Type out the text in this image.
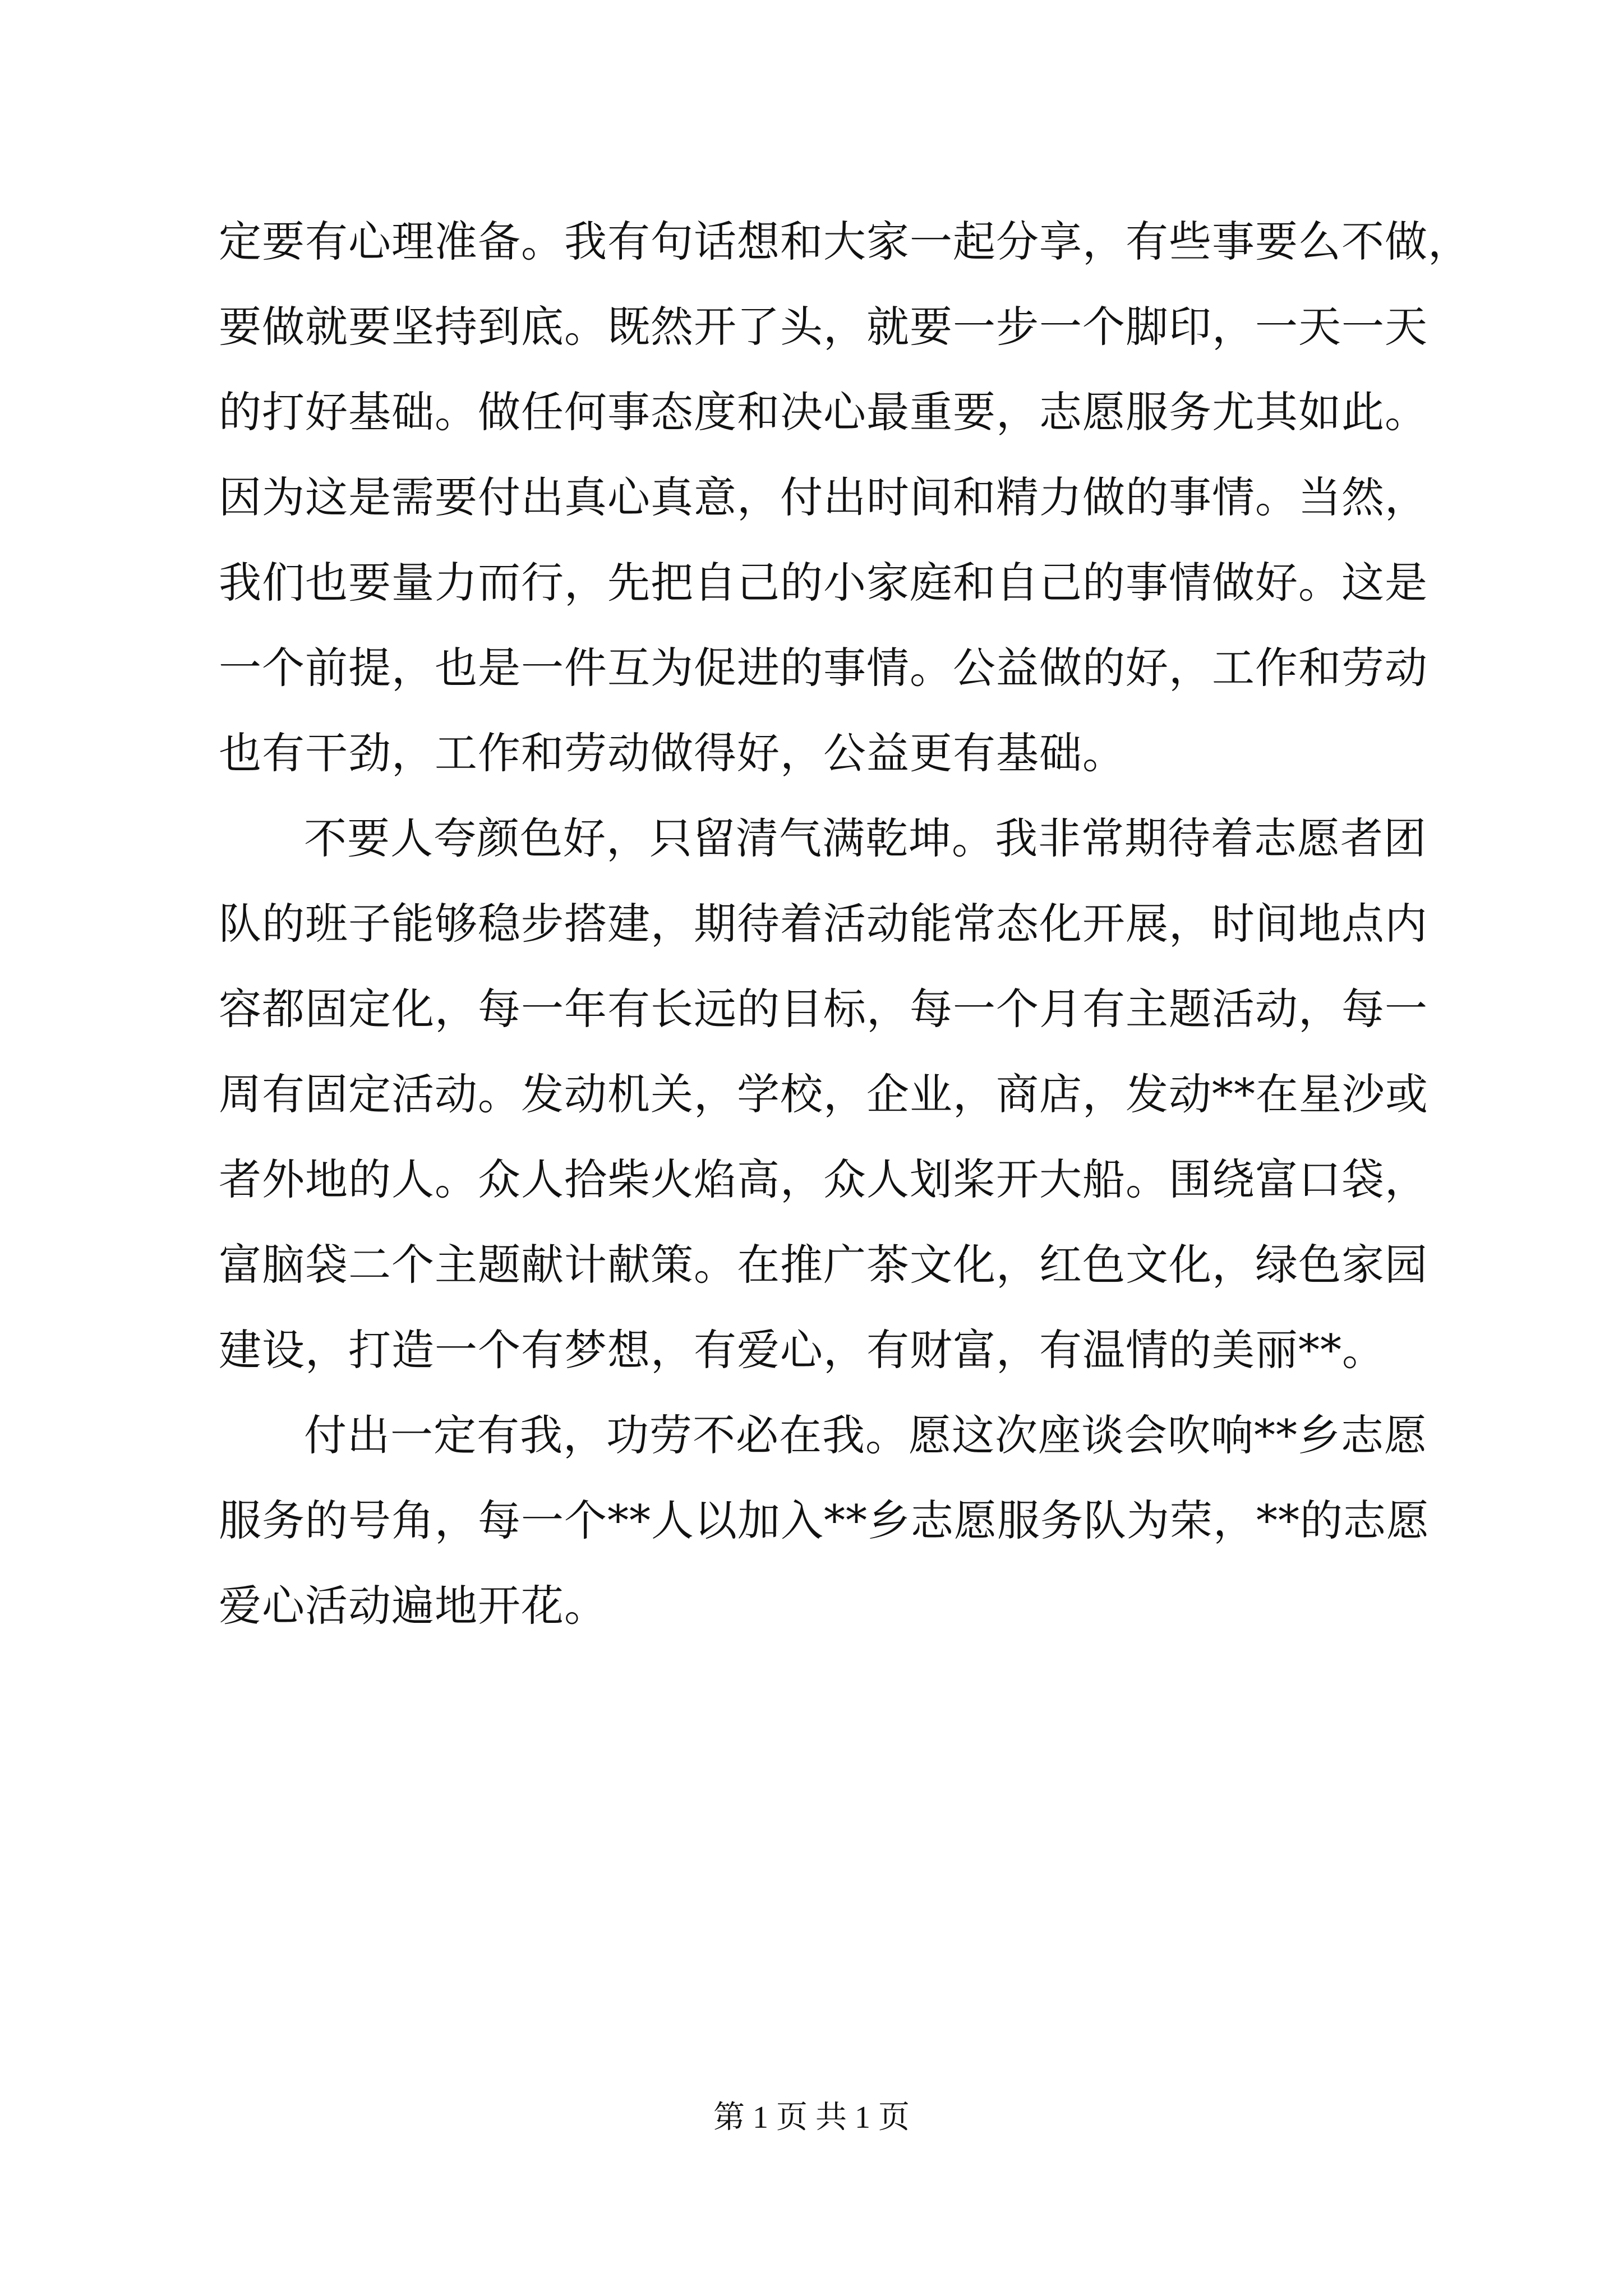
定要有心理准备。我有句话想和大家一起分享，有些事要么不做，
要做就要坚持到底。既然开了头，就要一步一个脚印，一天一天
的打好基础。做任何事态度和决心最重要，志愿服务尤其如此。
因为这是需要付出真心真意，付出时间和精力做的事情。当然，
我们也要量力而行，先把自己的小家庭和自己的事情做好。这是
一个前提，也是一件互为促进的事情。公益做的好，工作和劳动
也有干劲，工作和劳动做得好，公益更有基础。
不要人夸颜色好，只留清气满乾坤。我非常期待着志愿者团
队的班子能够稳步搭建，期待着活动能常态化开展，时间地点内
容都固定化，每一年有长远的目标，每一个月有主题活动，每一
周有固定活动。发动机关，学校，企业，商店，发动**在星沙或
者外地的人。众人拾柴火焰高，众人划桨开大船。围绕富口袋，
富脑袋二个主题献计献策。在推广茶文化，红色文化，绿色家园
建设，打造一个有梦想，有爱心，有财富，有温情的美丽**。
付出一定有我，功劳不必在我。愿这次座谈会吹响**乡志愿
服务的号角，每一个**人以加入**乡志愿服务队为荣，**的志愿
爱心活动遍地开花。
第 1 页 共 1 页
